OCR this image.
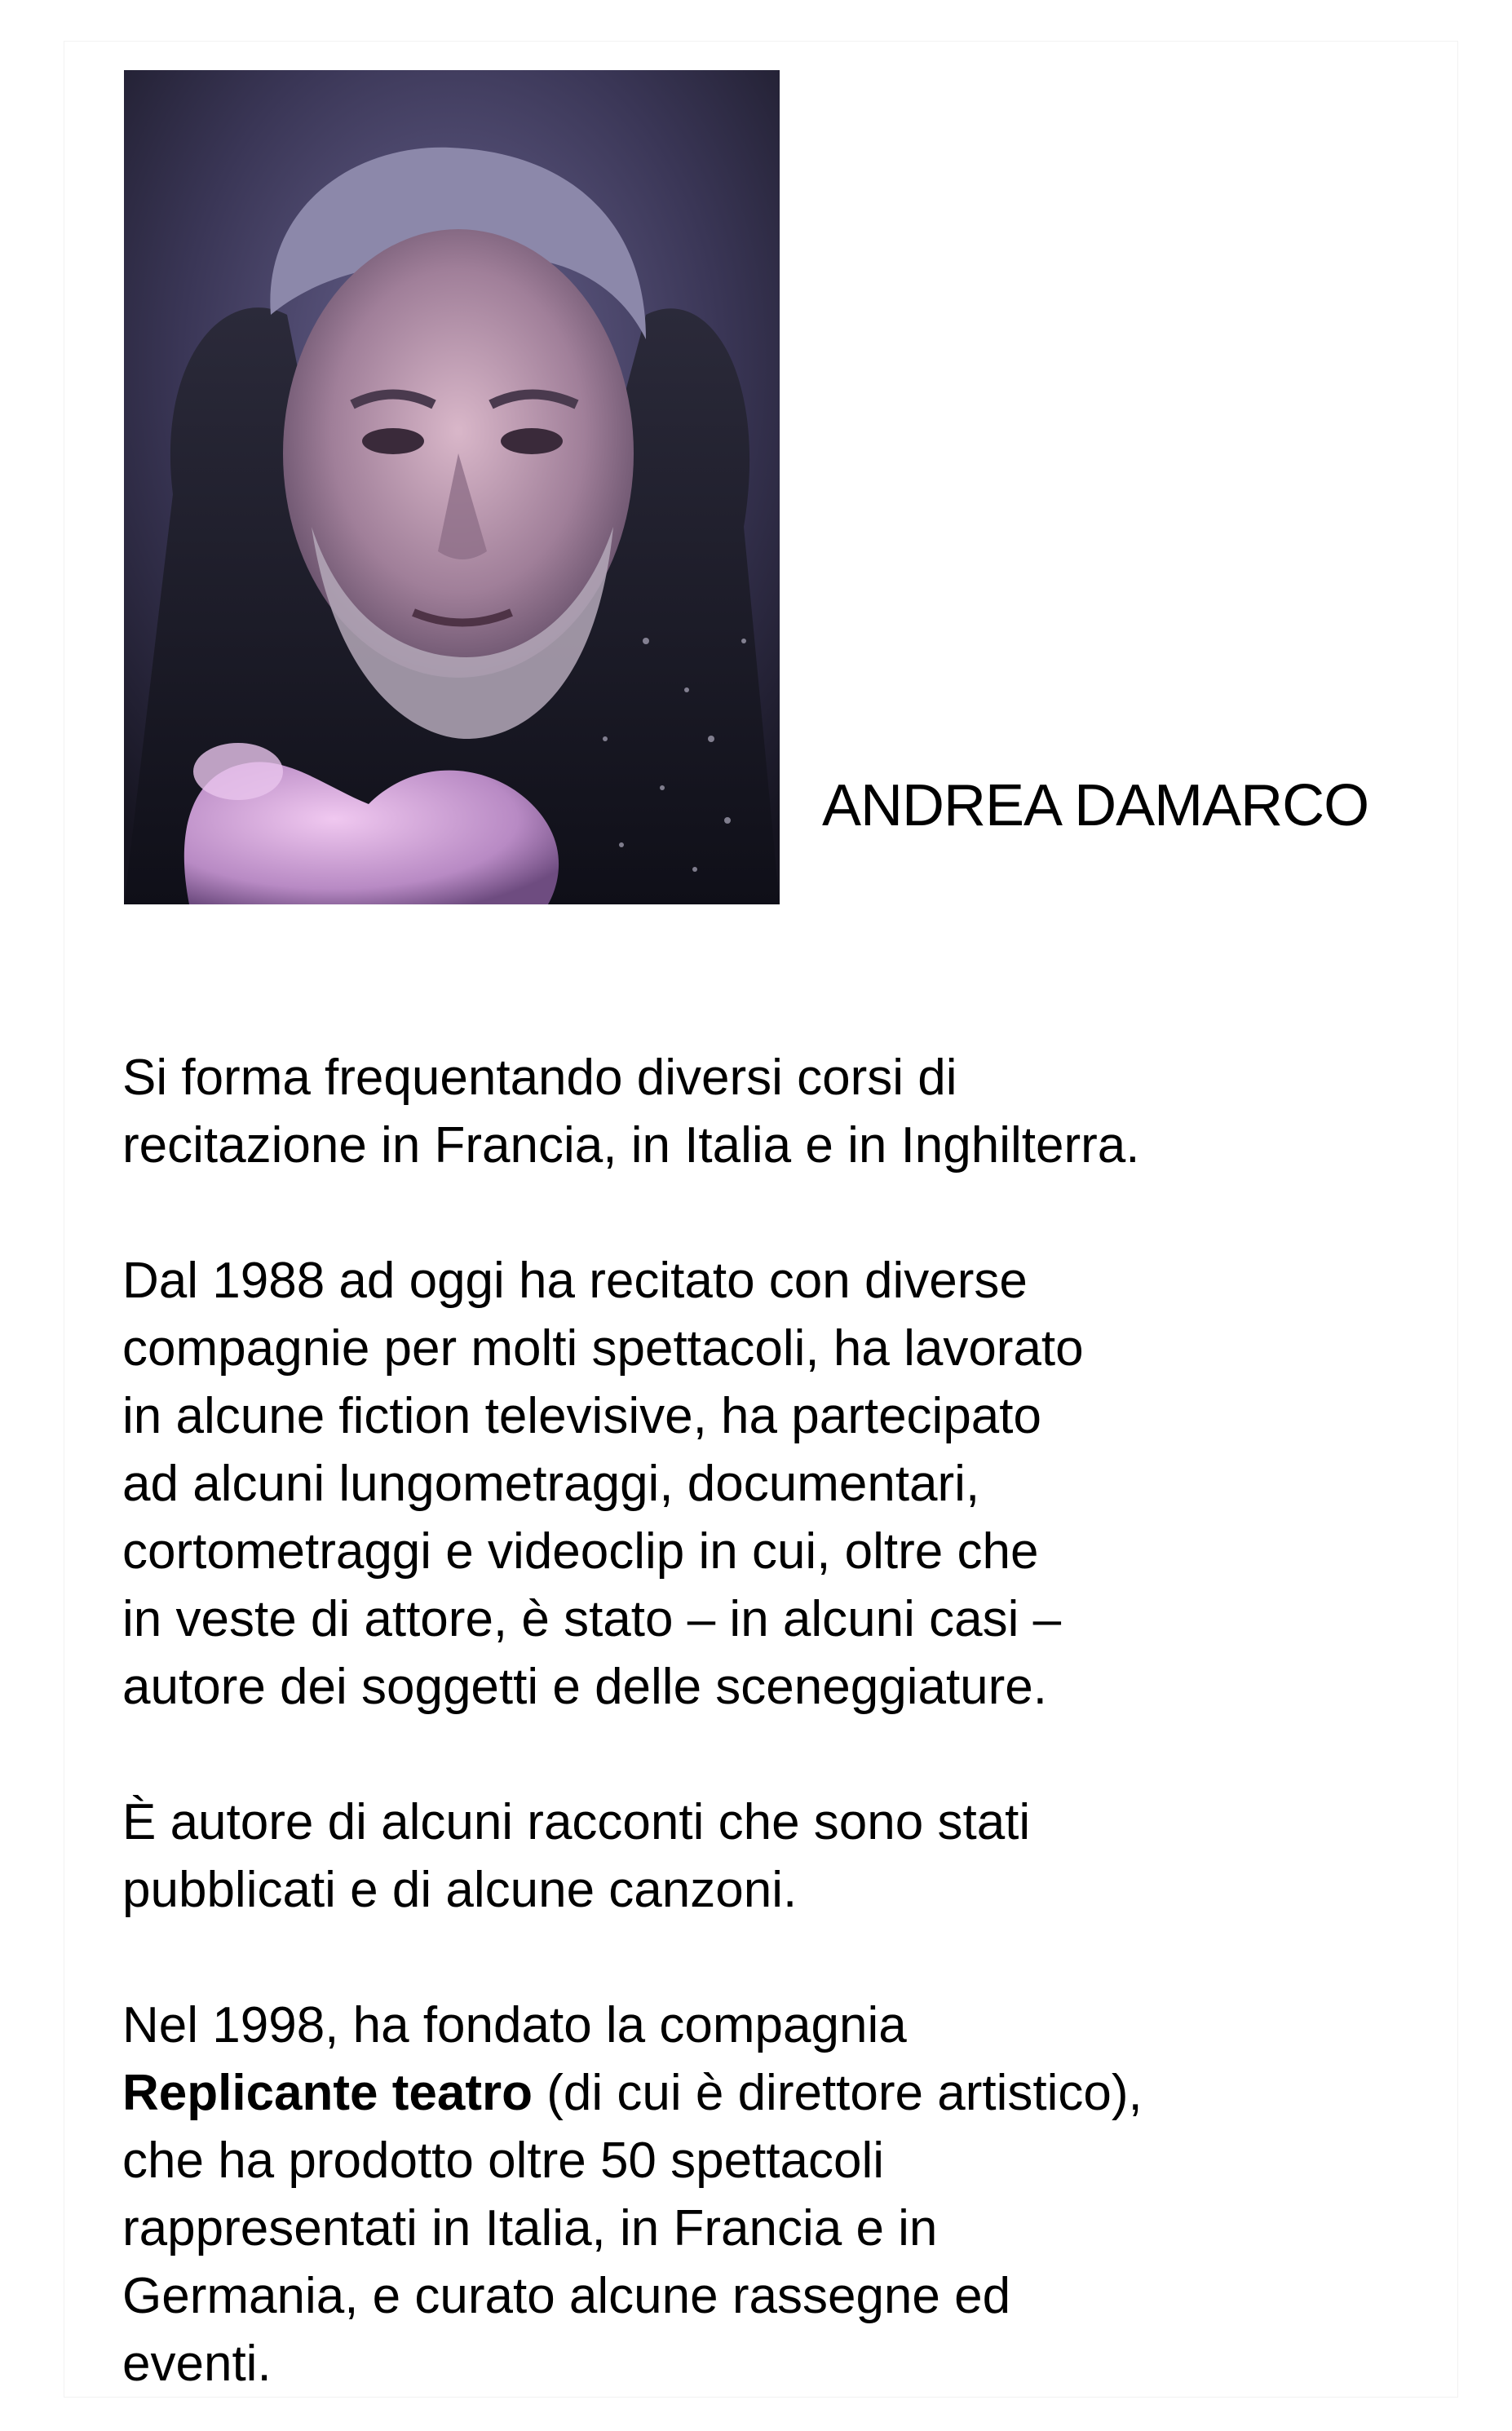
ANDREA DAMARCO

Si forma frequentando diversi corsi di
recitazione in Francia, in Italia e in Inghilterra.

Dal 1988 ad oggi ha recitato con diverse
compagnie per molti spettacoli, ha lavorato
in alcune fiction televisive, ha partecipato
ad alcuni lungometraggi, documentari,
cortometraggi e videoclip in cui, oltre che
in veste di attore, è stato – in alcuni casi –
autore dei soggetti e delle sceneggiature.

È autore di alcuni racconti che sono stati
pubblicati e di alcune canzoni.

Nel 1998, ha fondato la compagnia
Replicante teatro (di cui è direttore artistico),
che ha prodotto oltre 50 spettacoli
rappresentati in Italia, in Francia e in
Germania, e curato alcune rassegne ed
eventi.
